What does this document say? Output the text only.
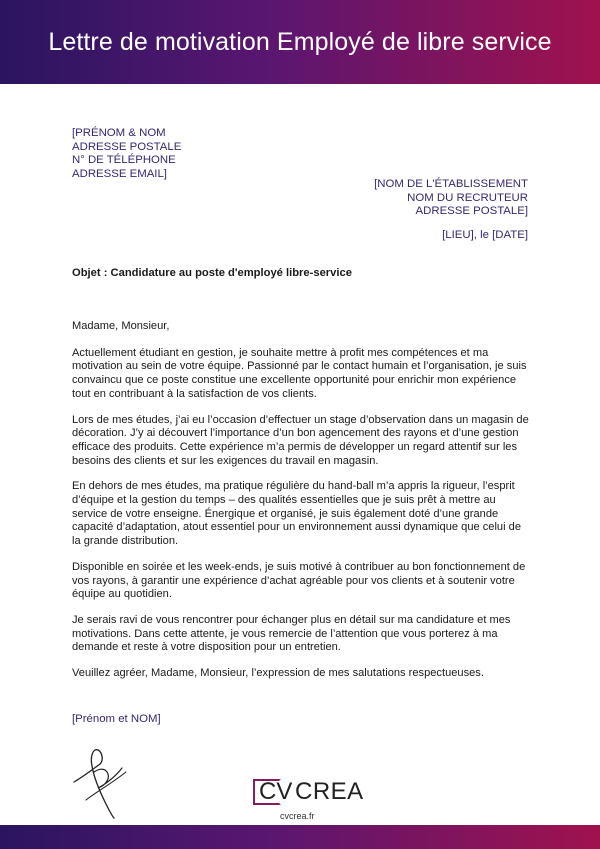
Lettre de motivation Employé de libre service
[PRÉNOM & NOM
ADRESSE POSTALE
N° DE TÉLÉPHONE
ADRESSE EMAIL]
[NOM DE L'ÉTABLISSEMENT
NOM DU RECRUTEUR
ADRESSE POSTALE]
[LIEU], le [DATE]
Objet : Candidature au poste d'employé libre-service

Madame, Monsieur,

Actuellement étudiant en gestion, je souhaite mettre à profit mes compétences et ma motivation au sein de votre équipe. Passionné par le contact humain et l’organisation, je suis convaincu que ce poste constitue une excellente opportunité pour enrichir mon expérience tout en contribuant à la satisfaction de vos clients.

Lors de mes études, j’ai eu l’occasion d’effectuer un stage d’observation dans un magasin de décoration. J’y ai découvert l’importance d’un bon agencement des rayons et d’une gestion efficace des produits. Cette expérience m’a permis de développer un regard attentif sur les besoins des clients et sur les exigences du travail en magasin.

En dehors de mes études, ma pratique régulière du hand-ball m’a appris la rigueur, l’esprit d’équipe et la gestion du temps – des qualités essentielles que je suis prêt à mettre au service de votre enseigne. Énergique et organisé, je suis également doté d’une grande capacité d’adaptation, atout essentiel pour un environnement aussi dynamique que celui de la grande distribution.

Disponible en soirée et les week-ends, je suis motivé à contribuer au bon fonctionnement de vos rayons, à garantir une expérience d’achat agréable pour vos clients et à soutenir votre équipe au quotidien.

Je serais ravi de vous rencontrer pour échanger plus en détail sur ma candidature et mes motivations. Dans cette attente, je vous remercie de l’attention que vous porterez à ma demande et reste à votre disposition pour un entretien.

Veuillez agréer, Madame, Monsieur, l’expression de mes salutations respectueuses.

[Prénom et NOM]
CV CREA
cvcrea.fr
